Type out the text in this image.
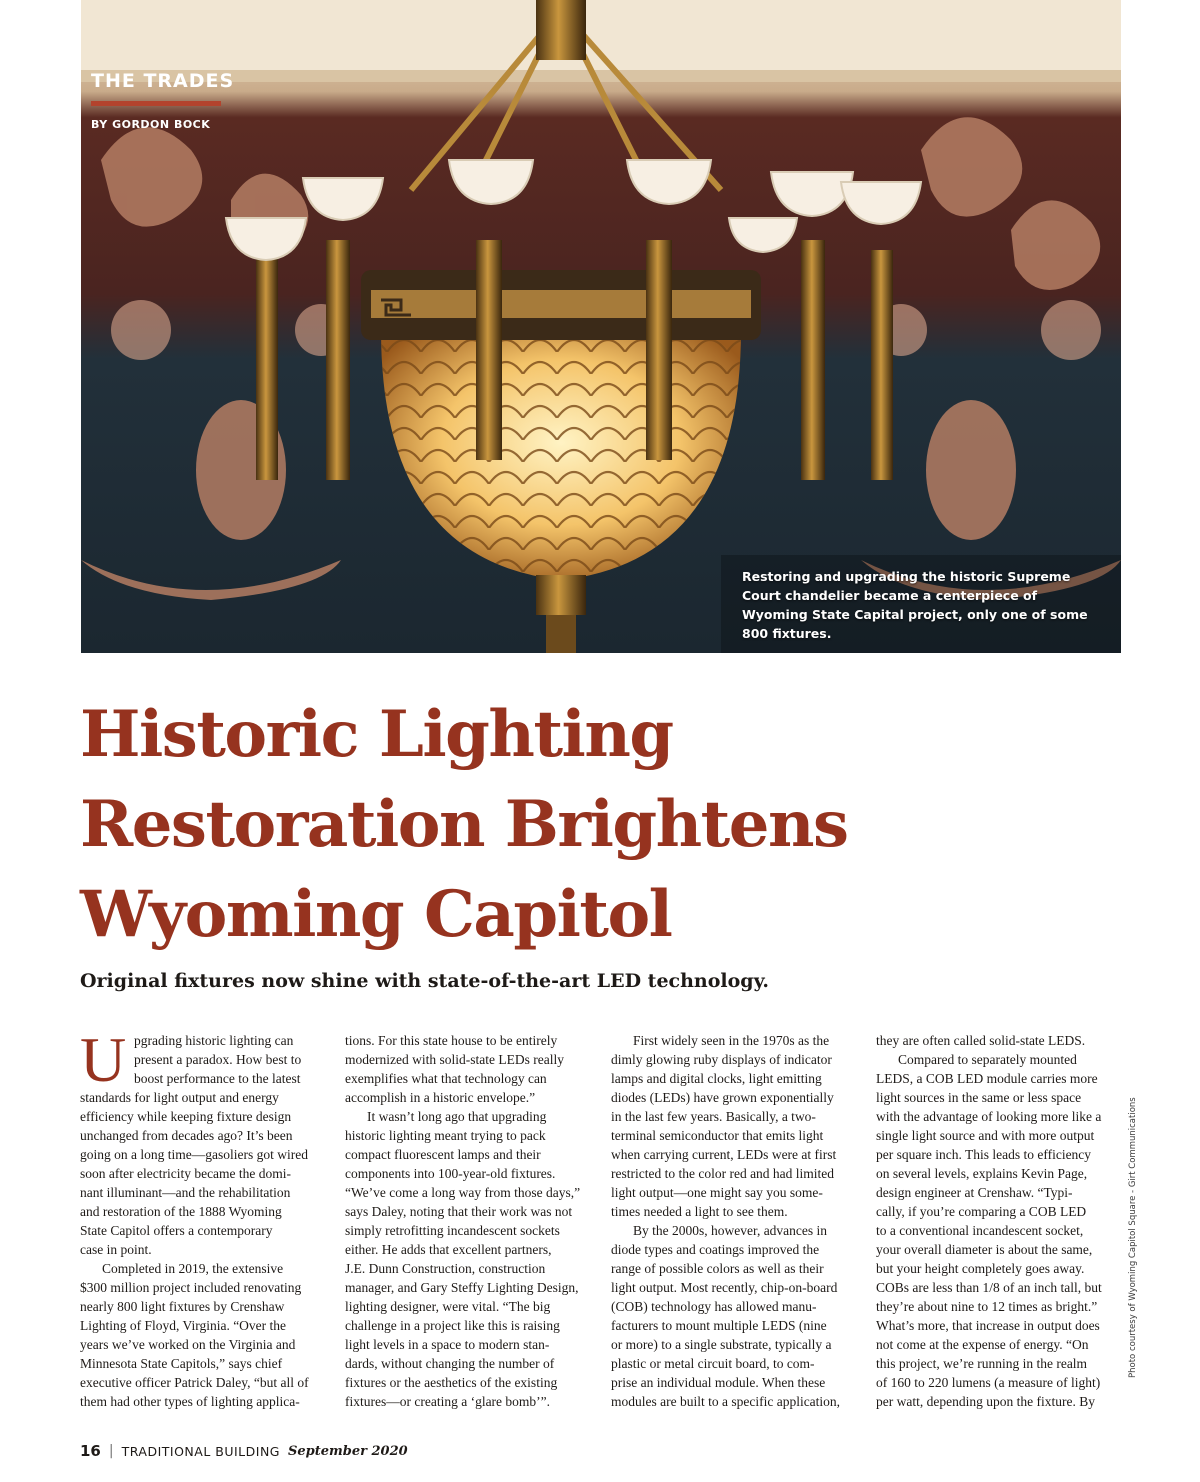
THE TRADES

BY GORDON BOCK

Restoring and upgrading the historic Supreme Court chandelier became a centerpiece of Wyoming State Capital project, only one of some 800 fixtures.

Historic Lighting
Restoration Brightens
Wyoming Capitol

Original fixtures now shine with state-of-the-art LED technology.

U pgrading historic lighting can
present a paradox. How best to
boost performance to the latest
standards for light output and energy
efficiency while keeping fixture design
unchanged from decades ago? It’s been
going on a long time—gasoliers got wired
soon after electricity became the domi-
nant illuminant—and the rehabilitation
and restoration of the 1888 Wyoming
State Capitol offers a contemporary
case in point.
Completed in 2019, the extensive
$300 million project included renovating
nearly 800 light fixtures by Crenshaw
Lighting of Floyd, Virginia. “Over the
years we’ve worked on the Virginia and
Minnesota State Capitols,” says chief
executive officer Patrick Daley, “but all of
them had other types of lighting applica-
tions. For this state house to be entirely
modernized with solid-state LEDs really
exemplifies what that technology can
accomplish in a historic envelope.”
It wasn’t long ago that upgrading
historic lighting meant trying to pack
compact fluorescent lamps and their
components into 100-year-old fixtures.
“We’ve come a long way from those days,”
says Daley, noting that their work was not
simply retrofitting incandescent sockets
either. He adds that excellent partners,
J.E. Dunn Construction, construction
manager, and Gary Steffy Lighting Design,
lighting designer, were vital. “The big
challenge in a project like this is raising
light levels in a space to modern stan-
dards, without changing the number of
fixtures or the aesthetics of the existing
fixtures—or creating a ‘glare bomb’”.
First widely seen in the 1970s as the
dimly glowing ruby displays of indicator
lamps and digital clocks, light emitting
diodes (LEDs) have grown exponentially
in the last few years. Basically, a two-
terminal semiconductor that emits light
when carrying current, LEDs were at first
restricted to the color red and had limited
light output—one might say you some-
times needed a light to see them.
By the 2000s, however, advances in
diode types and coatings improved the
range of possible colors as well as their
light output. Most recently, chip-on-board
(COB) technology has allowed manu-
facturers to mount multiple LEDS (nine
or more) to a single substrate, typically a
plastic or metal circuit board, to com-
prise an individual module. When these
modules are built to a specific application,
they are often called solid-state LEDS.
Compared to separately mounted
LEDS, a COB LED module carries more
light sources in the same or less space
with the advantage of looking more like a
single light source and with more output
per square inch. This leads to efficiency
on several levels, explains Kevin Page,
design engineer at Crenshaw. “Typi-
cally, if you’re comparing a COB LED
to a conventional incandescent socket,
your overall diameter is about the same,
but your height completely goes away.
COBs are less than 1/8 of an inch tall, but
they’re about nine to 12 times as bright.”
What’s more, that increase in output does
not come at the expense of energy. “On
this project, we’re running in the realm
of 160 to 220 lumens (a measure of light)
per watt, depending upon the fixture. By
Photo courtesy of Wyoming Capitol Square - Girt Communications
16 | TRADITIONAL BUILDING September 2020
